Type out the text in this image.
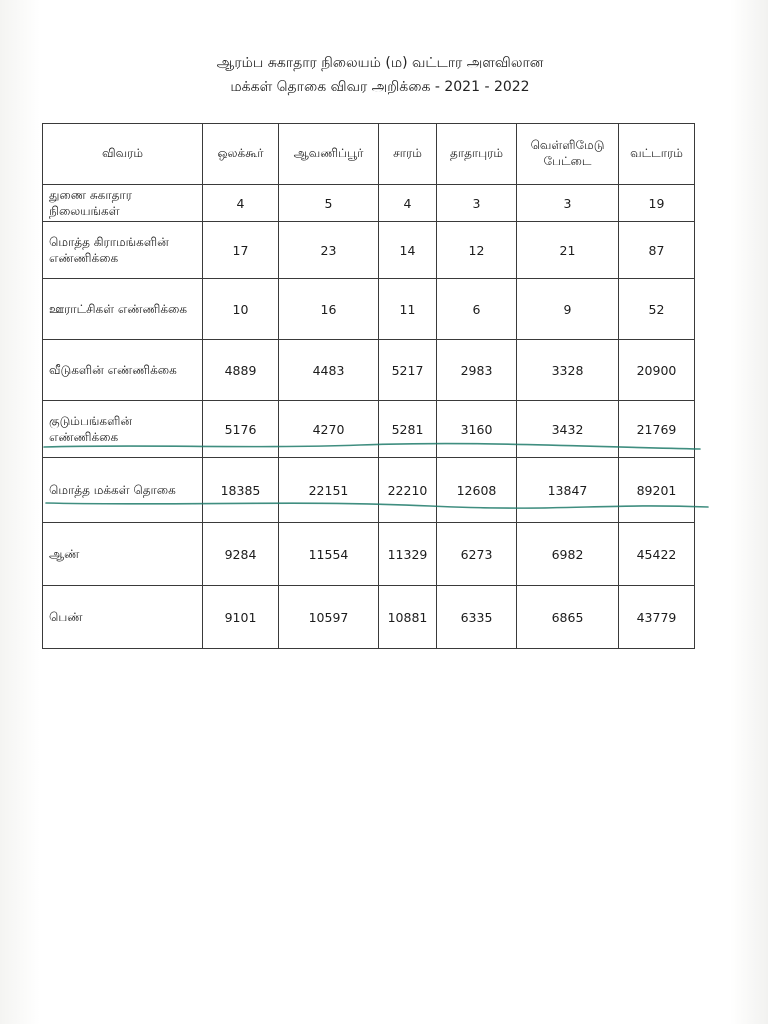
ஆரம்ப சுகாதார நிலையம் (ம) வட்டார அளவிலான
மக்கள் தொகை விவர அறிக்கை - 2021 - 2022
விவரம்	ஒலக்கூர்	ஆவணிப்பூர்	சாரம்	தாதாபுரம்	வெள்ளிமேடு பேட்டை	வட்டாரம்
துணை சுகாதார நிலையங்கள்	4	5	4	3	3	19
மொத்த கிராமங்களின் எண்ணிக்கை	17	23	14	12	21	87
ஊராட்சிகள் எண்ணிக்கை	10	16	11	6	9	52
வீடுகளின் எண்ணிக்கை	4889	4483	5217	2983	3328	20900
குடும்பங்களின் எண்ணிக்கை	5176	4270	5281	3160	3432	21769
மொத்த மக்கள் தொகை	18385	22151	22210	12608	13847	89201
ஆண்	9284	11554	11329	6273	6982	45422
பெண்	9101	10597	10881	6335	6865	43779
